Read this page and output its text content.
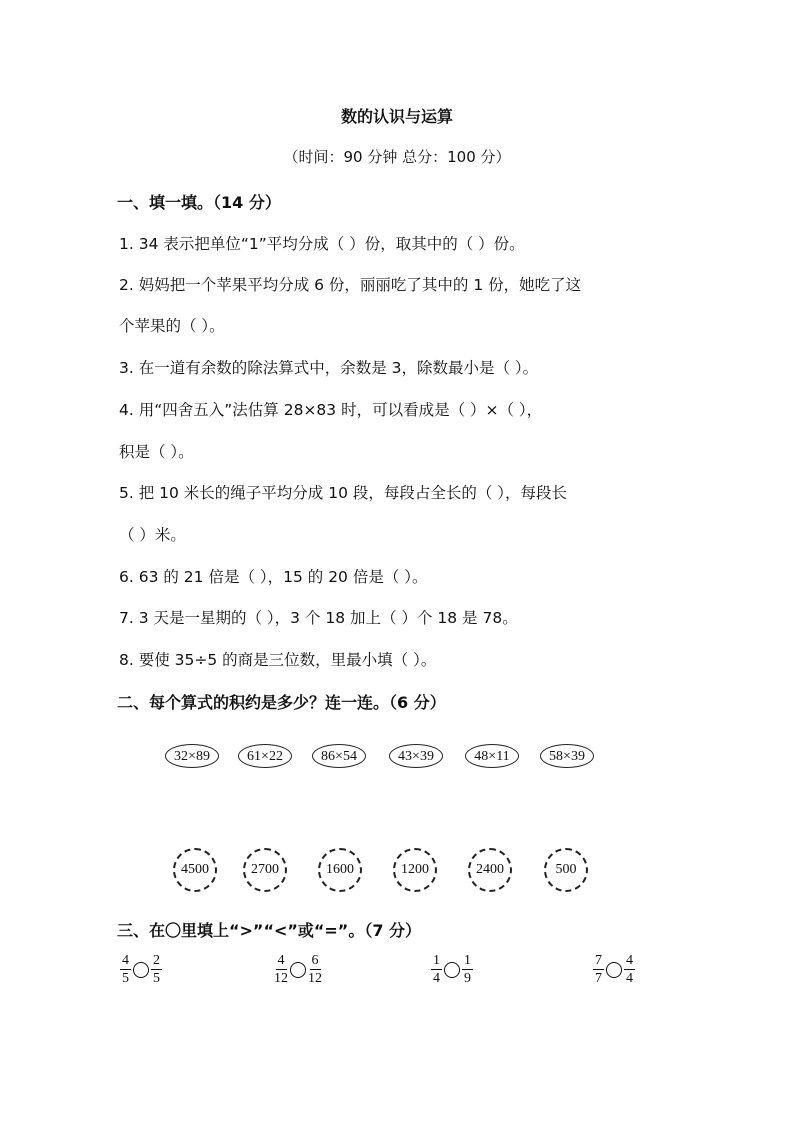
数的认识与运算
（时间：90 分钟 总分：100 分）
一、填一填。（14 分）
1. 34 表示把单位“1”平均分成（ ）份，取其中的（ ）份。
2. 妈妈把一个苹果平均分成 6 份，丽丽吃了其中的 1 份，她吃了这
个苹果的（ ）。
3. 在一道有余数的除法算式中，余数是 3，除数最小是（ ）。
4. 用“四舍五入”法估算 28×83 时，可以看成是（ ）×（ ），
积是（ ）。
5. 把 10 米长的绳子平均分成 10 段，每段占全长的（ ），每段长
（ ）米。
6. 63 的 21 倍是（ ），15 的 20 倍是（ ）。
7. 3 天是一星期的（ ），3 个 18 加上（ ）个 18 是 78。
8. 要使 35÷5 的商是三位数，里最小填（ ）。
二、每个算式的积约是多少？连一连。（6 分）
32×89	61×22	86×54	43×39	48×11	58×39
4500	2700	1600	1200	2400	500
三、在〇里填上“>”“<”或“=”。（7 分）
4
5
2
5
4
12
6
12
1
4
1
9
7
7
4
4
